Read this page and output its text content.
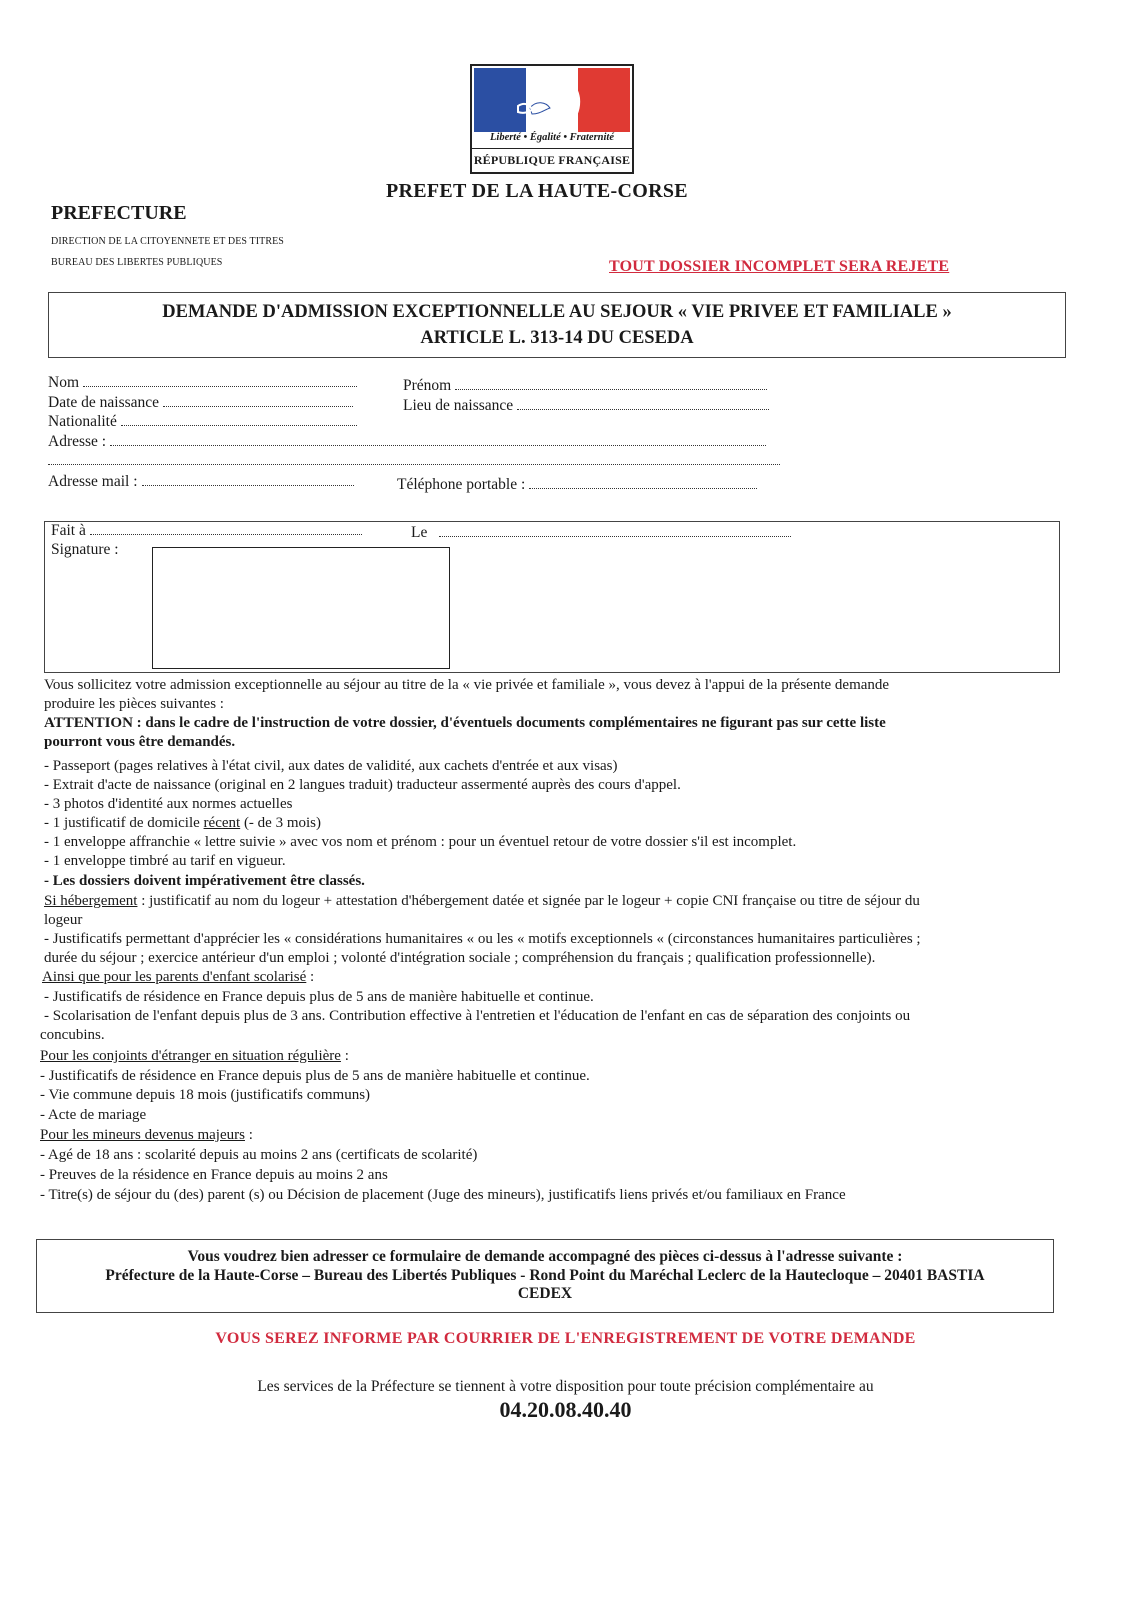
Liberté • Égalité • Fraternité
RÉPUBLIQUE FRANÇAISE
PREFET DE LA HAUTE-CORSE
PREFECTURE
DIRECTION DE LA CITOYENNETE ET DES TITRES
BUREAU DES LIBERTES PUBLIQUES	TOUT DOSSIER INCOMPLET SERA REJETE
DEMANDE D'ADMISSION EXCEPTIONNELLE AU SEJOUR « VIE PRIVEE ET FAMILIALE »
ARTICLE L. 313-14 DU CESEDA
Nom	Prénom
Date de naissance	Lieu de naissance
Nationalité
Adresse :
Adresse mail :	Téléphone portable :
Fait à	Le
Signature :
Vous sollicitez votre admission exceptionnelle au séjour au titre de la « vie privée et familiale », vous devez à l'appui de la présente demande
produire les pièces suivantes :
ATTENTION : dans le cadre de l'instruction de votre dossier, d'éventuels documents complémentaires ne figurant pas sur cette liste
pourront vous être demandés.
- Passeport (pages relatives à l'état civil, aux dates de validité, aux cachets d'entrée et aux visas)
- Extrait d'acte de naissance (original en 2 langues traduit) traducteur assermenté auprès des cours d'appel.
- 3 photos d'identité aux normes actuelles
- 1 justificatif de domicile récent (- de 3 mois)
- 1 enveloppe affranchie « lettre suivie » avec vos nom et prénom : pour un éventuel retour de votre dossier s'il est incomplet.
- 1 enveloppe timbré au tarif en vigueur.
- Les dossiers doivent impérativement être classés.
Si hébergement : justificatif au nom du logeur + attestation d'hébergement datée et signée par le logeur + copie CNI française ou titre de séjour du
logeur
- Justificatifs permettant d'apprécier les « considérations humanitaires « ou les « motifs exceptionnels « (circonstances humanitaires particulières ;
durée du séjour ; exercice antérieur d'un emploi ; volonté d'intégration sociale ; compréhension du français ; qualification professionnelle).
Ainsi que pour les parents d'enfant scolarisé :
- Justificatifs de résidence en France depuis plus de 5 ans de manière habituelle et continue.
- Scolarisation de l'enfant depuis plus de 3 ans. Contribution effective à l'entretien et l'éducation de l'enfant en cas de séparation des conjoints ou
concubins.
Pour les conjoints d'étranger en situation régulière :
- Justificatifs de résidence en France depuis plus de 5 ans de manière habituelle et continue.
- Vie commune depuis 18 mois (justificatifs communs)
- Acte de mariage
Pour les mineurs devenus majeurs :
- Agé de 18 ans : scolarité depuis au moins 2 ans (certificats de scolarité)
- Preuves de la résidence en France depuis au moins 2 ans
- Titre(s) de séjour du (des) parent (s) ou Décision de placement (Juge des mineurs), justificatifs liens privés et/ou familiaux en France
Vous voudrez bien adresser ce formulaire de demande accompagné des pièces ci-dessus à l'adresse suivante :
Préfecture de la Haute-Corse – Bureau des Libertés Publiques - Rond Point du Maréchal Leclerc de la Hautecloque – 20401 BASTIA
CEDEX
VOUS SEREZ INFORME PAR COURRIER DE L'ENREGISTREMENT DE VOTRE DEMANDE
Les services de la Préfecture se tiennent à votre disposition pour toute précision complémentaire au
04.20.08.40.40
